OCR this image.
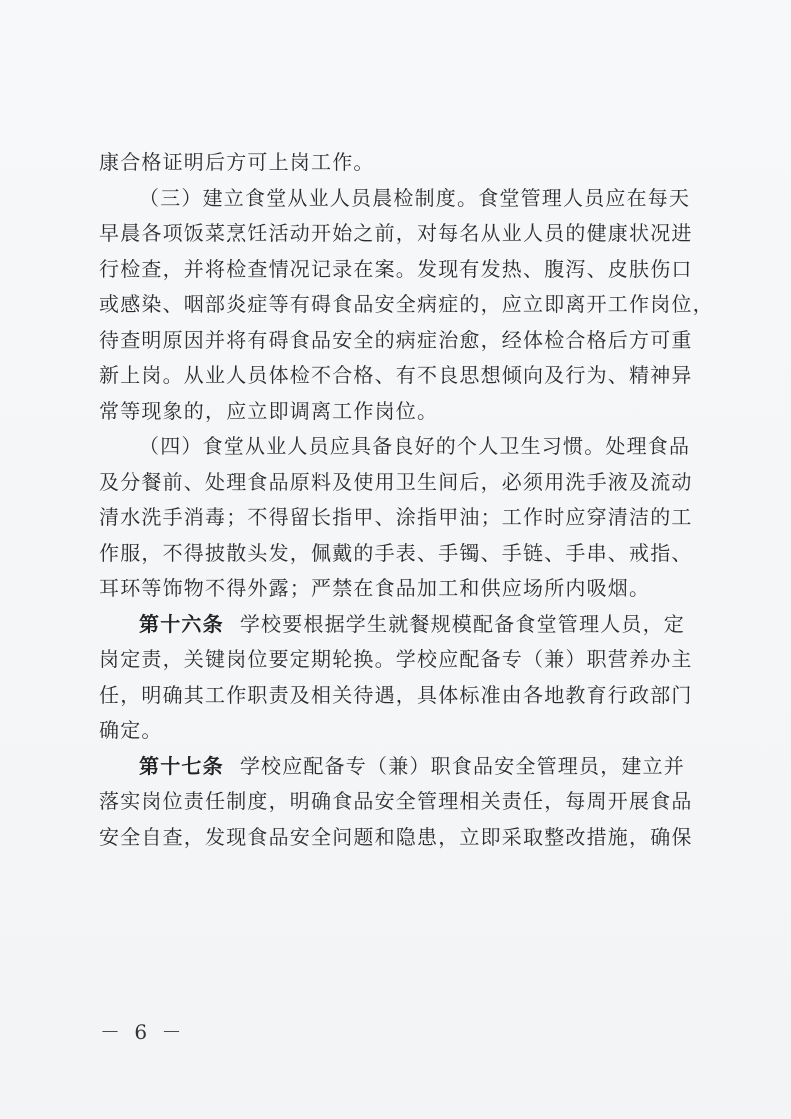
康合格证明后方可上岗工作。
（三）建立食堂从业人员晨检制度。食堂管理人员应在每天
早晨各项饭菜烹饪活动开始之前，对每名从业人员的健康状况进
行检查，并将检查情况记录在案。发现有发热、腹泻、皮肤伤口
或感染、咽部炎症等有碍食品安全病症的，应立即离开工作岗位，
待查明原因并将有碍食品安全的病症治愈，经体检合格后方可重
新上岗。从业人员体检不合格、有不良思想倾向及行为、精神异
常等现象的，应立即调离工作岗位。
（四）食堂从业人员应具备良好的个人卫生习惯。处理食品
及分餐前、处理食品原料及使用卫生间后，必须用洗手液及流动
清水洗手消毒；不得留长指甲、涂指甲油；工作时应穿清洁的工
作服，不得披散头发，佩戴的手表、手镯、手链、手串、戒指、
耳环等饰物不得外露；严禁在食品加工和供应场所内吸烟。
第十六条 学校要根据学生就餐规模配备食堂管理人员，定
岗定责，关键岗位要定期轮换。学校应配备专（兼）职营养办主
任，明确其工作职责及相关待遇，具体标准由各地教育行政部门
确定。
第十七条 学校应配备专（兼）职食品安全管理员，建立并
落实岗位责任制度，明确食品安全管理相关责任，每周开展食品
安全自查，发现食品安全问题和隐患，立即采取整改措施，确保
－ 6 －
